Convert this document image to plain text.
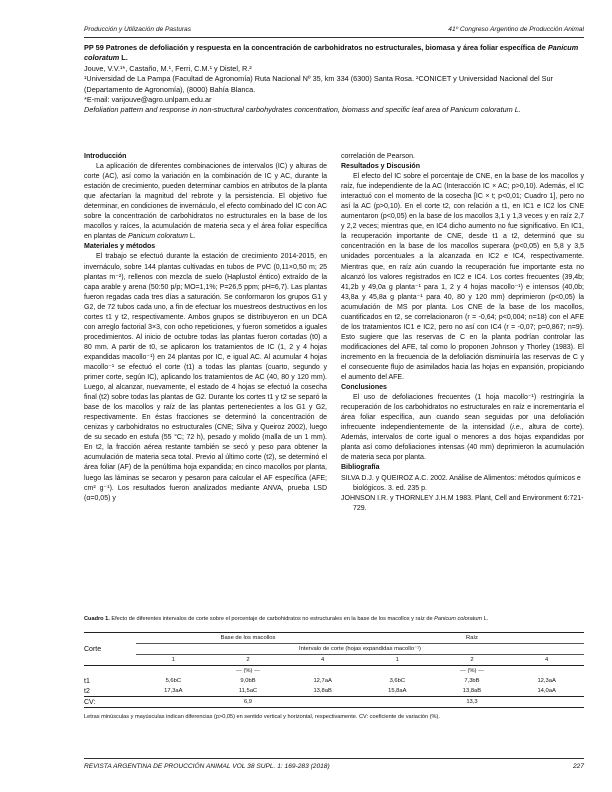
Producción y Utilización de Pasturas	41º Congreso Argentino de Producción Animal

PP 59 Patrones de defoliación y respuesta en la concentración de carbohidratos no estructurales, biomasa y área foliar específica de Panicum coloratum L.

Jouve, V.V.¹*, Castaño, M.¹, Ferri, C.M.¹ y Distel, R.²

¹Universidad de La Pampa (Facultad de Agronomía) Ruta Nacional Nº 35, km 334 (6300) Santa Rosa. ²CONICET y Universidad Nacional del Sur (Departamento de Agronomía), (8000) Bahía Blanca.

*E-mail: varijouve@agro.unlpam.edu.ar

Defoliation pattern and response in non-structural carbohydrates concentration, biomass and specific leaf area of Panicum coloratum L.

Introducción

La aplicación de diferentes combinaciones de intervalos (IC) y alturas de corte (AC), así como la variación en la combinación de IC y AC, durante la estación de crecimiento, pueden determinar cambios en atributos de la planta que afectarían la magnitud del rebrote y la persistencia. El objetivo fue determinar, en condiciones de invernáculo, el efecto combinado del IC con AC sobre la concentración de carbohidratos no estructurales en la base de los macollos y raíces, la acumulación de materia seca y el área foliar específica en plantas de Panicum coloratum L.

Materiales y métodos

El trabajo se efectuó durante la estación de crecimiento 2014-2015, en invernáculo, sobre 144 plantas cultivadas en tubos de PVC (0,11×0,50 m; 25 plantas m⁻²), rellenos con mezcla de suelo (Haplustol éntico) extraído de la capa arable y arena (50:50 p/p; MO=1,1%; P=26,5 ppm; pH=6,7). Las plantas fueron regadas cada tres días a saturación. Se conformaron los grupos G1 y G2, de 72 tubos cada uno, a fin de efectuar los muestreos destructivos en los cortes t1 y t2, respectivamente. Ambos grupos se distribuyeron en un DCA con arreglo factorial 3×3, con ocho repeticiones, y fueron sometidos a iguales procedimientos. Al inicio de octubre todas las plantas fueron cortadas (t0) a 80 mm. A partir de t0, se aplicaron los tratamientos de IC (1, 2 y 4 hojas expandidas macollo⁻¹) en 24 plantas por IC, e igual AC. Al acumular 4 hojas macollo⁻¹ se efectuó el corte (t1) a todas las plantas (cuarto, segundo y primer corte, según IC), aplicando los tratamientos de AC (40, 80 y 120 mm). Luego, al alcanzar, nuevamente, el estado de 4 hojas se efectuó la cosecha final (t2) sobre todas las plantas de G2. Durante los cortes t1 y t2 se separó la base de los macollos y raíz de las plantas pertenecientes a los G1 y G2, respectivamente. En éstas fracciones se determinó la concentración de cenizas y carbohidratos no estructurales (CNE; Silva y Queiroz 2002), luego de su secado en estufa (55 °C; 72 h), pesado y molido (malla de un 1 mm). En t2, la fracción aérea restante también se secó y peso para obtener la acumulación de materia seca total. Previo al último corte (t2), se determinó el área foliar (AF) de la penúltima hoja expandida; en cinco macollos por planta, luego las láminas se secaron y pesaron para calcular el AF específica (AFE; cm² g⁻¹). Los resultados fueron analizados mediante ANVA, prueba LSD (α=0,05) y

correlación de Pearson.

Resultados y Discusión

El efecto del IC sobre el porcentaje de CNE, en la base de los macollos y raíz, fue independiente de la AC (Interacción IC × AC; p>0,10). Además, el IC interactuó con el momento de la cosecha [IC × t; p<0,01; Cuadro 1], pero no así la AC (p>0,10). En el corte t2, con relación a t1, en IC1 e IC2 los CNE aumentaron (p<0,05) en la base de los macollos 3,1 y 1,3 veces y en raíz 2,7 y 2,2 veces; mientras que, en IC4 dicho aumento no fue significativo. En IC1, la recuperación importante de CNE, desde t1 a t2, determinó que su concentración en la base de los macollos superara (p<0,05) en 5,8 y 3,5 unidades porcentuales a la alcanzada en IC2 e IC4, respectivamente. Mientras que, en raíz aún cuando la recuperación fue importante esta no alcanzó los valores registrados en IC2 e IC4. Los cortes frecuentes (39,4b; 41,2b y 49,0a g planta⁻¹ para 1, 2 y 4 hojas macollo⁻¹) e intensos (40,0b; 43,8a y 45,8a g planta⁻¹ para 40, 80 y 120 mm) deprimieron (p<0,05) la acumulación de MS por planta. Los CNE de la base de los macollos, cuantificados en t2, se correlacionaron (r = -0,64; p<0,004; n=18) con el AFE de los tratamientos IC1 e IC2, pero no así con IC4 (r = -0,07; p=0,867; n=9). Esto sugiere que las reservas de C en la planta podrían controlar las modificaciones del AFE, tal como lo proponen Johnson y Thorley (1983). El incremento en la frecuencia de la defoliación disminuiría las reservas de C y el consecuente flujo de asimilados hacia las hojas en expansión, propiciando el aumento del AFE.

Conclusiones

El uso de defoliaciones frecuentes (1 hoja macollo⁻¹) restringiría la recuperación de los carbohidratos no estructurales en raíz e incrementaría el área foliar específica, aun cuando sean seguidas por una defoliación infrecuente independientemente de la intensidad (i.e., altura de corte). Además, intervalos de corte igual o menores a dos hojas expandidas por planta así como defoliaciones intensas (40 mm) deprimieron la acumulación de materia seca por planta.

Bibliografía

SILVA D.J. y QUEIROZ A.C. 2002. Análise de Alimentos: métodos químicos e biológicos. 3. ed. 235 p.

JOHNSON I.R. y THORNLEY J.H.M 1983. Plant, Cell and Environment 6:721-729.

Cuadro 1. Efecto de diferentes intervalos de corte sobre el porcentaje de carbohidratos no estructurales en la base de los macollos y raíz de Panicum coloratum L.
Corte	Base de los macollos			Raíz		
	Intervalo de corte (hojas expandidas macollo⁻¹)					
	1	2	4	1	2	4
	--- (%) ---			--- (%) ---		
t1	5,6bC	9,0bB	12,7aA	3,6bC	7,3bB	12,3aA
t2	17,3aA	11,5aC	13,8aB	15,8aA	13,8aB	14,0aA
CV:	6,9			13,3		
Letras minúsculas y mayúsculas indican diferencias (p>0,05) en sentido vertical y horizontal, respectivamente. CV: coeficiente de variación (%).
REVISTA ARGENTINA DE PROUCCIÓN ANIMAL VOL 38 SUPL. 1: 169-283 (2018)	227
